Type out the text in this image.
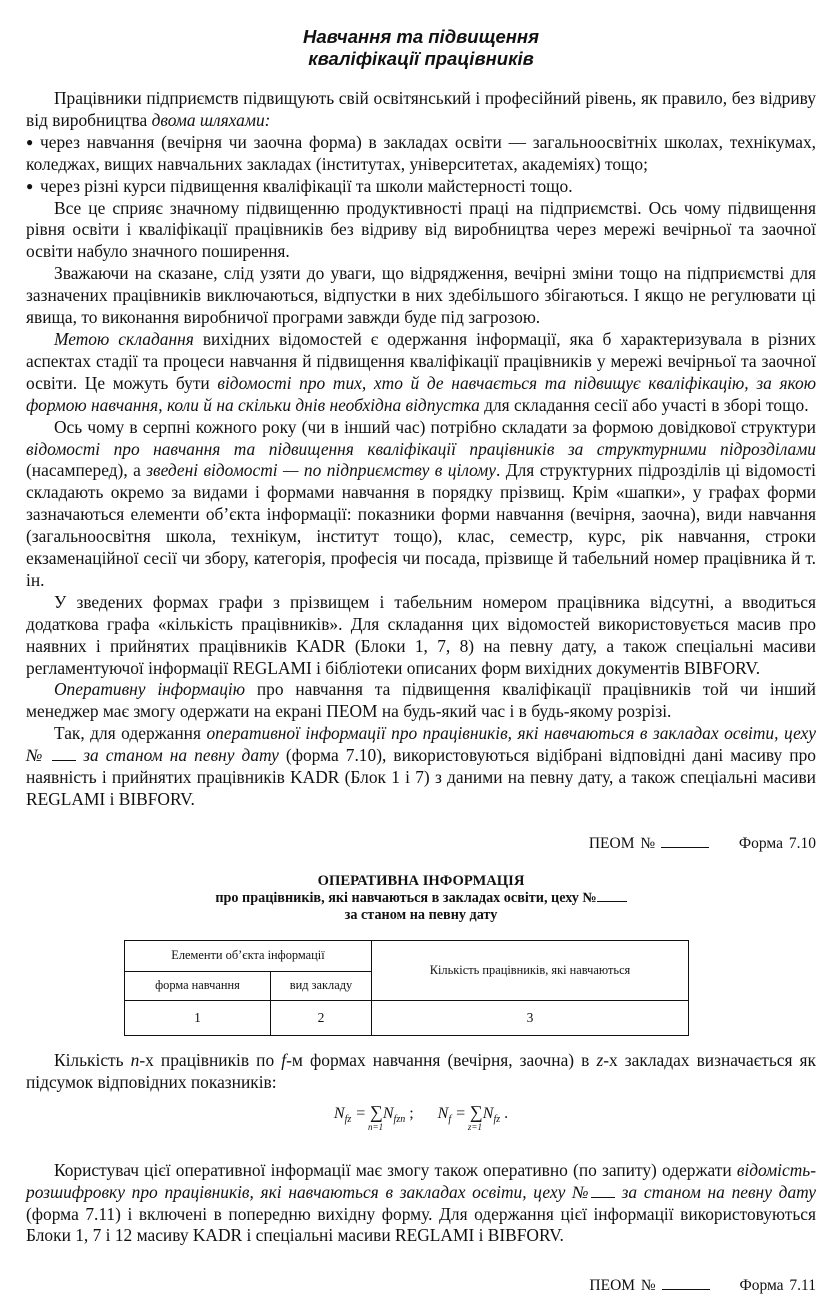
Навчання та підвищення
кваліфікації працівників

Працівники підприємств підвищують свій освітянський і професійний рівень, як правило, без відриву від виробництва двома шляхами:

● через навчання (вечірня чи заочна форма) в закладах освіти — загальноосвітніх школах, технікумах, коледжах, вищих навчальних закладах (інститутах, університетах, академіях) тощо;

● через різні курси підвищення кваліфікації та школи майстерності тощо.

Все це сприяє значному підвищенню продуктивності праці на підприємстві. Ось чому підвищення рівня освіти і кваліфікації працівників без відриву від виробництва через мережі вечірньої та заочної освіти набуло значного поширення.

Зважаючи на сказане, слід узяти до уваги, що відрядження, вечірні зміни тощо на підприємстві для зазначених працівників виключаються, відпустки в них здебільшого збігаються. І якщо не регулювати ці явища, то виконання виробничої програми завжди буде під загрозою.

Метою складання вихідних відомостей є одержання інформації, яка б характеризувала в різних аспектах стадії та процеси навчання й підвищення кваліфікації працівників у мережі вечірньої та заочної освіти. Це можуть бути відомості про тих, хто й де навчається та підвищує кваліфікацію, за якою формою навчання, коли й на скільки днів необхідна відпустка для складання сесії або участі в зборі тощо.

Ось чому в серпні кожного року (чи в інший час) потрібно складати за формою довідкової структури відомості про навчання та підвищення кваліфікації працівників за структурними підрозділами (насамперед), а зведені відомості — по підприємству в цілому. Для структурних підрозділів ці відомості складають окремо за видами і формами навчання в порядку прізвищ. Крім «шапки», у графах форми зазначаються елементи об’єкта інформації: показники форми навчання (вечірня, заочна), види навчання (загальноосвітня школа, технікум, інститут тощо), клас, семестр, курс, рік навчання, строки екзаменаційної сесії чи збору, категорія, професія чи посада, прізвище й табельний номер працівника й т. ін.

У зведених формах графи з прізвищем і табельним номером працівника відсутні, а вводиться додаткова графа «кількість працівників». Для складання цих відомостей використовується масив про наявних і прийнятих працівників KADR (Блоки 1, 7, 8) на певну дату, а також спеціальні масиви регламентуючої інформації REGLAMI і бібліотеки описаних форм вихідних документів BIBFORV.

Оперативну інформацію про навчання та підвищення кваліфікації працівників той чи інший менеджер має змогу одержати на екрані ПЕОМ на будь-який час і в будь-якому розрізі.

Так, для одержання оперативної інформації про працівників, які навчаються в закладах освіти, цеху № за станом на певну дату (форма 7.10), використовуються відібрані відповідні дані масиву про наявність і прийнятих працівників KADR (Блок 1 і 7) з даними на певну дату, а також спеціальні масиви REGLAMI і BIBFORV.

ПЕОМ №	Форма 7.10
ОПЕРАТИВНА ІНФОРМАЦІЯ
про працівників, які навчаються в закладах освіти, цеху №
за станом на певну дату
Елементи об’єкта інформації		Кількість працівників, які навчаються
форма навчання	вид закладу	
1	2	3

Кількість n-х працівників по f-м формах навчання (вечірня, заочна) в z-х закладах визначається як підсумок відповідних показників:

$N_{fz}$ = ∑
n=1
$N_{fzn}$ ; $N_f$ = ∑
z=1
$N_{fz}$ .

Користувач цієї оперативної інформації має змогу також оперативно (по запиту) одержати відомість-розшифровку про працівників, які навчаються в закладах освіти, цеху № за станом на певну дату (форма 7.11) і включені в попередню вихідну форму. Для одержання цієї інформації використовуються Блоки 1, 7 і 12 масиву KADR і спеціальні масиви REGLAMI і BIBFORV.

ПЕОМ №	Форма 7.11
